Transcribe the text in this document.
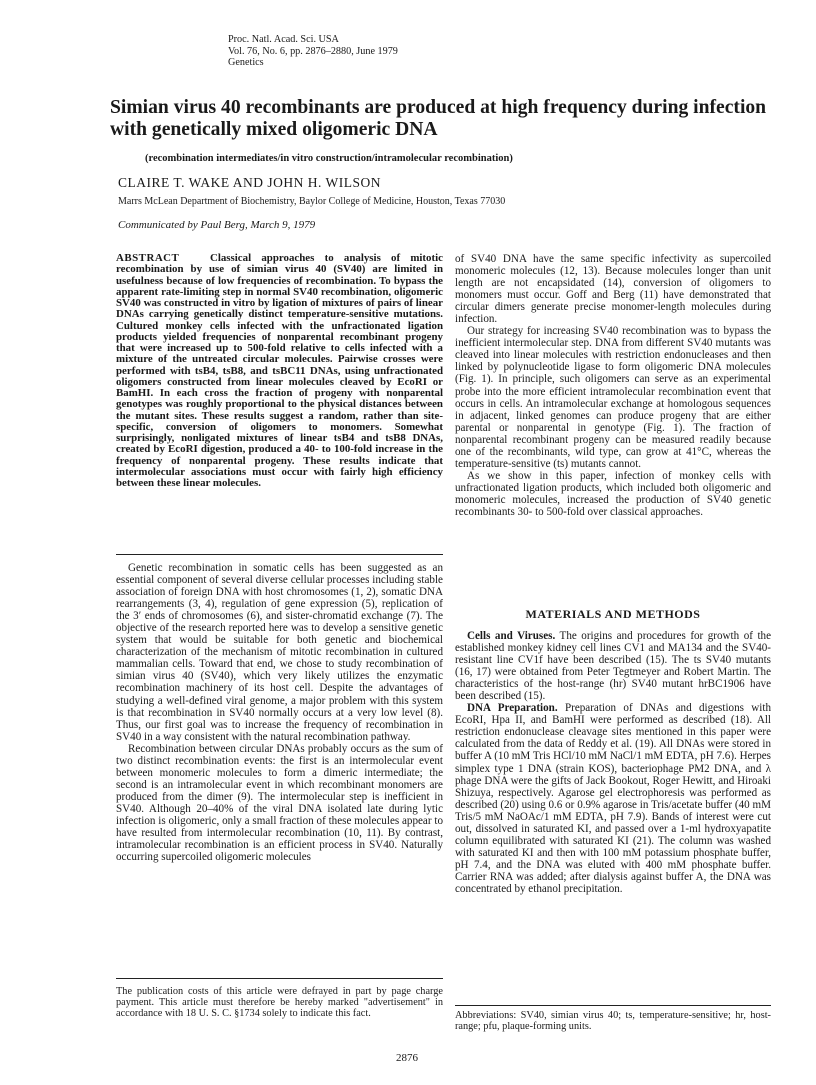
Proc. Natl. Acad. Sci. USA
Vol. 76, No. 6, pp. 2876–2880, June 1979
Genetics
Simian virus 40 recombinants are produced at high frequency during infection with genetically mixed oligomeric DNA
(recombination intermediates/in vitro construction/intramolecular recombination)
CLAIRE T. WAKE AND JOHN H. WILSON
Marrs McLean Department of Biochemistry, Baylor College of Medicine, Houston, Texas 77030
Communicated by Paul Berg, March 9, 1979
ABSTRACT	Classical approaches to analysis of mitotic recombination by use of simian virus 40 (SV40) are limited in usefulness because of low frequencies of recombination. To bypass the apparent rate-limiting step in normal SV40 recombination, oligomeric SV40 was constructed in vitro by ligation of mixtures of pairs of linear DNAs carrying genetically distinct temperature-sensitive mutations. Cultured monkey cells infected with the unfractionated ligation products yielded frequencies of nonparental recombinant progeny that were increased up to 500-fold relative to cells infected with a mixture of the untreated circular molecules. Pairwise crosses were performed with tsB4, tsB8, and tsBC11 DNAs, using unfractionated oligomers constructed from linear molecules cleaved by EcoRI or BamHI. In each cross the fraction of progeny with nonparental genotypes was roughly proportional to the physical distances between the mutant sites. These results suggest a random, rather than site-specific, conversion of oligomers to monomers. Somewhat surprisingly, nonligated mixtures of linear tsB4 and tsB8 DNAs, created by EcoRI digestion, produced a 40- to 100-fold increase in the frequency of nonparental progeny. These results indicate that intermolecular associations must occur with fairly high efficiency between these linear molecules.

Genetic recombination in somatic cells has been suggested as an essential component of several diverse cellular processes including stable association of foreign DNA with host chromosomes (1, 2), somatic DNA rearrangements (3, 4), regulation of gene expression (5), replication of the 3′ ends of chromosomes (6), and sister-chromatid exchange (7). The objective of the research reported here was to develop a sensitive genetic system that would be suitable for both genetic and biochemical characterization of the mechanism of mitotic recombination in cultured mammalian cells. Toward that end, we chose to study recombination of simian virus 40 (SV40), which very likely utilizes the enzymatic recombination machinery of its host cell. Despite the advantages of studying a well-defined viral genome, a major problem with this system is that recombination in SV40 normally occurs at a very low level (8). Thus, our first goal was to increase the frequency of recombination in SV40 in a way consistent with the natural recombination pathway.

Recombination between circular DNAs probably occurs as the sum of two distinct recombination events: the first is an intermolecular event between monomeric molecules to form a dimeric intermediate; the second is an intramolecular event in which recombinant monomers are produced from the dimer (9). The intermolecular step is inefficient in SV40. Although 20–40% of the viral DNA isolated late during lytic infection is oligomeric, only a small fraction of these molecules appear to have resulted from intermolecular recombination (10, 11). By contrast, intramolecular recombination is an efficient process in SV40. Naturally occurring supercoiled oligomeric molecules

The publication costs of this article were defrayed in part by page charge payment. This article must therefore be hereby marked "advertisement" in accordance with 18 U. S. C. §1734 solely to indicate this fact.

of SV40 DNA have the same specific infectivity as supercoiled monomeric molecules (12, 13). Because molecules longer than unit length are not encapsidated (14), conversion of oligomers to monomers must occur. Goff and Berg (11) have demonstrated that circular dimers generate precise monomer-length molecules during infection.

Our strategy for increasing SV40 recombination was to bypass the inefficient intermolecular step. DNA from different SV40 mutants was cleaved into linear molecules with restriction endonucleases and then linked by polynucleotide ligase to form oligomeric DNA molecules (Fig. 1). In principle, such oligomers can serve as an experimental probe into the more efficient intramolecular recombination event that occurs in cells. An intramolecular exchange at homologous sequences in adjacent, linked genomes can produce progeny that are either parental or nonparental in genotype (Fig. 1). The fraction of nonparental recombinant progeny can be measured readily because one of the recombinants, wild type, can grow at 41°C, whereas the temperature-sensitive (ts) mutants cannot.

As we show in this paper, infection of monkey cells with unfractionated ligation products, which included both oligomeric and monomeric molecules, increased the production of SV40 genetic recombinants 30- to 500-fold over classical approaches.

MATERIALS AND METHODS

Cells and Viruses. The origins and procedures for growth of the established monkey kidney cell lines CV1 and MA134 and the SV40-resistant line CV1f have been described (15). The ts SV40 mutants (16, 17) were obtained from Peter Tegtmeyer and Robert Martin. The characteristics of the host-range (hr) SV40 mutant hrBC1906 have been described (15).

DNA Preparation. Preparation of DNAs and digestions with EcoRI, Hpa II, and BamHI were performed as described (18). All restriction endonuclease cleavage sites mentioned in this paper were calculated from the data of Reddy et al. (19). All DNAs were stored in buffer A (10 mM Tris HCl/10 mM NaCl/1 mM EDTA, pH 7.6). Herpes simplex type 1 DNA (strain KOS), bacteriophage PM2 DNA, and λ phage DNA were the gifts of Jack Bookout, Roger Hewitt, and Hiroaki Shizuya, respectively. Agarose gel electrophoresis was performed as described (20) using 0.6 or 0.9% agarose in Tris/acetate buffer (40 mM Tris/5 mM NaOAc/1 mM EDTA, pH 7.9). Bands of interest were cut out, dissolved in saturated KI, and passed over a 1-ml hydroxyapatite column equilibrated with saturated KI (21). The column was washed with saturated KI and then with 100 mM potassium phosphate buffer, pH 7.4, and the DNA was eluted with 400 mM phosphate buffer. Carrier RNA was added; after dialysis against buffer A, the DNA was concentrated by ethanol precipitation.

Abbreviations: SV40, simian virus 40; ts, temperature-sensitive; hr, host-range; pfu, plaque-forming units.
2876
